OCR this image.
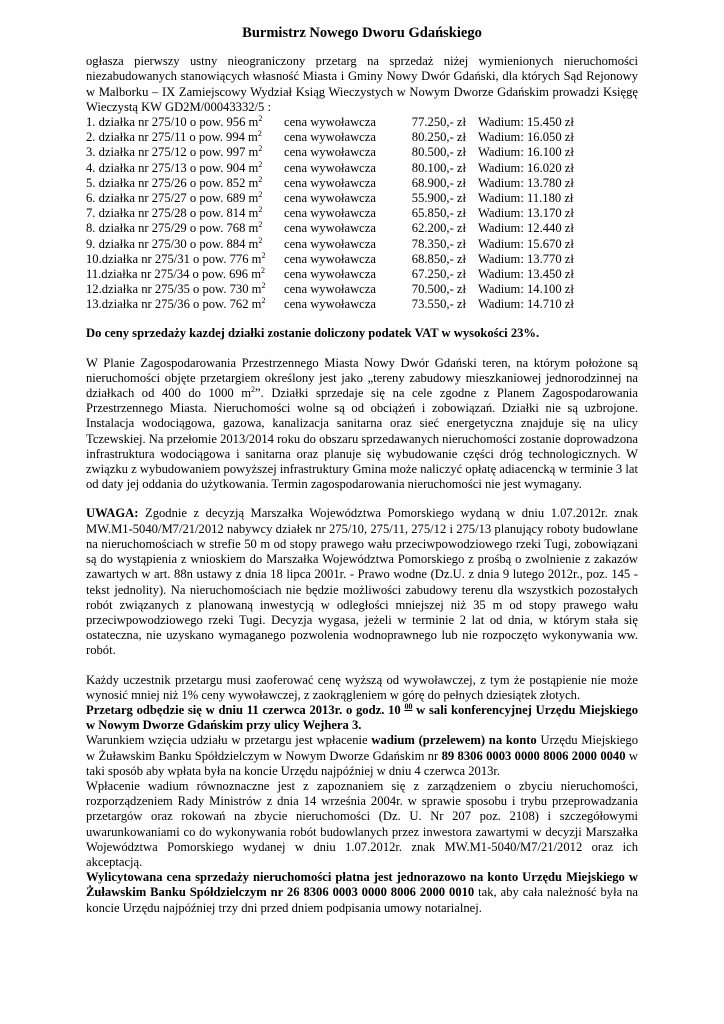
Burmistrz Nowego Dworu Gdańskiego

ogłasza pierwszy ustny nieograniczony przetarg na sprzedaż niżej wymienionych nieruchomości niezabudowanych stanowiących własność Miasta i Gminy Nowy Dwór Gdański, dla których Sąd Rejonowy w Malborku – IX Zamiejscowy Wydział Ksiąg Wieczystych w Nowym Dworze Gdańskim prowadzi Księgę Wieczystą KW GD2M/00043332/5 :

1. działka nr 275/10 o pow. 956 $m^2$	cena wywoławcza	77.250,- zł Wadium: 15.450 zł
2. działka nr 275/11 o pow. 994 $m^2$	cena wywoławcza	80.250,- zł Wadium: 16.050 zł
3. działka nr 275/12 o pow. 997 $m^2$	cena wywoławcza	80.500,- zł Wadium: 16.100 zł
4. działka nr 275/13 o pow. 904 $m^2$	cena wywoławcza	80.100,- zł Wadium: 16.020 zł
5. działka nr 275/26 o pow. 852 $m^2$	cena wywoławcza	68.900,- zł Wadium: 13.780 zł
6. działka nr 275/27 o pow. 689 $m^2$	cena wywoławcza	55.900,- zł Wadium: 11.180 zł
7. działka nr 275/28 o pow. 814 $m^2$	cena wywoławcza	65.850,- zł Wadium: 13.170 zł
8. działka nr 275/29 o pow. 768 $m^2$	cena wywoławcza	62.200,- zł Wadium: 12.440 zł
9. działka nr 275/30 o pow. 884 $m^2$	cena wywoławcza	78.350,- zł Wadium: 15.670 zł
10.działka nr 275/31 o pow. 776 $m^2$	cena wywoławcza	68.850,- zł Wadium: 13.770 zł
11.działka nr 275/34 o pow. 696 $m^2$	cena wywoławcza	67.250,- zł Wadium: 13.450 zł
12.działka nr 275/35 o pow. 730 $m^2$	cena wywoławcza	70.500,- zł Wadium: 14.100 zł
13.działka nr 275/36 o pow. 762 $m^2$	cena wywoławcza	73.550,- zł Wadium: 14.710 zł

Do ceny sprzedaży kazdej działki zostanie doliczony podatek VAT w wysokości 23%.

W Planie Zagospodarowania Przestrzennego Miasta Nowy Dwór Gdański teren, na którym położone są nieruchomości objęte przetargiem określony jest jako „tereny zabudowy mieszkaniowej jednorodzinnej na działkach od 400 do 1000 $m^2$”. Działki sprzedaje się na cele zgodne z Planem Zagospodarowania Przestrzennego Miasta. Nieruchomości wolne są od obciążeń i zobowiązań. Działki nie są uzbrojone. Instalacja wodociągowa, gazowa, kanalizacja sanitarna oraz sieć energetyczna znajduje się na ulicy Tczewskiej. Na przełomie 2013/2014 roku do obszaru sprzedawanych nieruchomości zostanie doprowadzona infrastruktura wodociągowa i sanitarna oraz planuje się wybudowanie części dróg technologicznych. W związku z wybudowaniem powyższej infrastruktury Gmina może naliczyć opłatę adiacencką w terminie 3 lat od daty jej oddania do użytkowania. Termin zagospodarowania nieruchomości nie jest wymagany.

UWAGA: Zgodnie z decyzją Marszałka Województwa Pomorskiego wydaną w dniu 1.07.2012r. znak MW.M1-5040/M7/21/2012 nabywcy działek nr 275/10, 275/11, 275/12 i 275/13 planujący roboty budowlane na nieruchomościach w strefie 50 m od stopy prawego wału przeciwpowodziowego rzeki Tugi, zobowiązani są do wystąpienia z wnioskiem do Marszałka Województwa Pomorskiego z prośbą o zwolnienie z zakazów zawartych w art. 88n ustawy z dnia 18 lipca 2001r. - Prawo wodne (Dz.U. z dnia 9 lutego 2012r., poz. 145 - tekst jednolity). Na nieruchomościach nie będzie możliwości zabudowy terenu dla wszystkich pozostałych robót związanych z planowaną inwestycją w odległości mniejszej niż 35 m od stopy prawego wału przeciwpowodziowego rzeki Tugi. Decyzja wygasa, jeżeli w terminie 2 lat od dnia, w którym stała się ostateczna, nie uzyskano wymaganego pozwolenia wodnoprawnego lub nie rozpoczęto wykonywania ww. robót.

Każdy uczestnik przetargu musi zaoferować cenę wyższą od wywoławczej, z tym że postąpienie nie może wynosić mniej niż 1% ceny wywoławczej, z zaokrągleniem w górę do pełnych dziesiątek złotych.

Przetarg odbędzie się w dniu 11 czerwca 2013r. o godz. 10 $^{00}$ w sali konferencyjnej Urzędu Miejskiego w Nowym Dworze Gdańskim przy ulicy Wejhera 3.

Warunkiem wzięcia udziału w przetargu jest wpłacenie wadium (przelewem) na konto Urzędu Miejskiego w Żuławskim Banku Spółdzielczym w Nowym Dworze Gdańskim nr 89 8306 0003 0000 8006 2000 0040 w taki sposób aby wpłata była na koncie Urzędu najpóźniej w dniu 4 czerwca 2013r.

Wpłacenie wadium równoznaczne jest z zapoznaniem się z zarządzeniem o zbyciu nieruchomości, rozporządzeniem Rady Ministrów z dnia 14 września 2004r. w sprawie sposobu i trybu przeprowadzania przetargów oraz rokowań na zbycie nieruchomości (Dz. U. Nr 207 poz. 2108) i szczegółowymi uwarunkowaniami co do wykonywania robót budowlanych przez inwestora zawartymi w decyzji Marszałka Województwa Pomorskiego wydanej w dniu 1.07.2012r. znak MW.M1-5040/M7/21/2012 oraz ich akceptacją.

Wylicytowana cena sprzedaży nieruchomości płatna jest jednorazowo na konto Urzędu Miejskiego w Żuławskim Banku Spółdzielczym nr 26 8306 0003 0000 8006 2000 0010 tak, aby cała należność była na koncie Urzędu najpóźniej trzy dni przed dniem podpisania umowy notarialnej.
